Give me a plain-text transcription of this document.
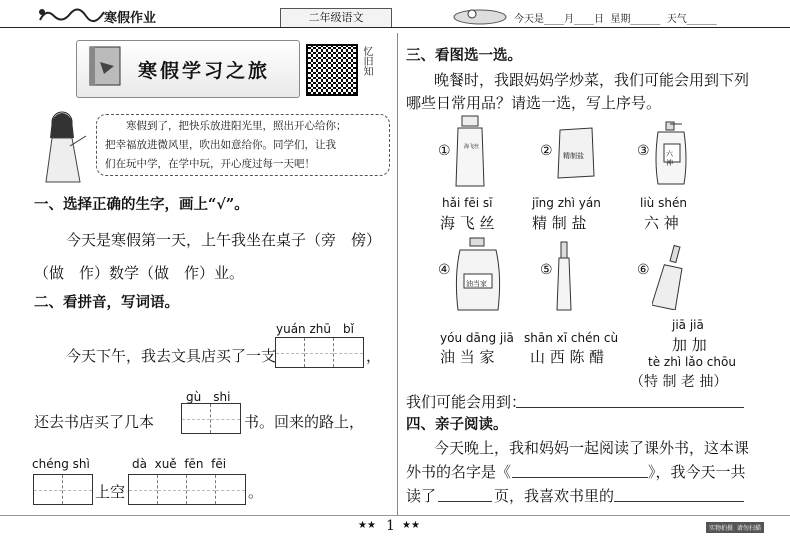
寒假作业	二年级语文	今天是____月____日  星期______  天气______
寒假学习之旅	忆旧知
寒假到了，把快乐放进阳光里，照出开心给你；
把幸福放进微风里，吹出如意给你。同学们，让我
们在玩中学，在学中玩，开心度过每一天吧！
一、选择正确的生字，画上“√”。
今天是寒假第一天，上午我坐在桌子（旁　傍）
（做　作）数学（做　作）业。
二、看拼音，写词语。
yuán zhū　bǐ
今天下午，我去文具店买了一支	，
gù　shi
还去书店买了几本	书。回来的路上，
chéng shì	dà  xuě  fēn  fēi
上空	。
三、看图选一选。
晚餐时，我跟妈妈学炒菜，我们可能会用到下列
哪些日常用品？请选一选，写上序号。
①	海飞丝	② 精制盐	③ 六神
hǎi fēi sī
海 飞 丝
jīng zhì yán
精 制 盐
liù shén
六 神
④
油当家
⑤	⑥
yóu dāng jiā
油 当 家
shān xī chén cù
山 西 陈 醋
jiā jiā
加 加
tè zhì lǎo chōu
（特 制 老 抽）
我们可能会用到：
四、亲子阅读。
今天晚上，我和妈妈一起阅读了课外书，这本课
外书的名字是《	》，我今天一共
读了	页，我喜欢书里的
★★ 1 ★★	实物拍摄  请勿扫描
